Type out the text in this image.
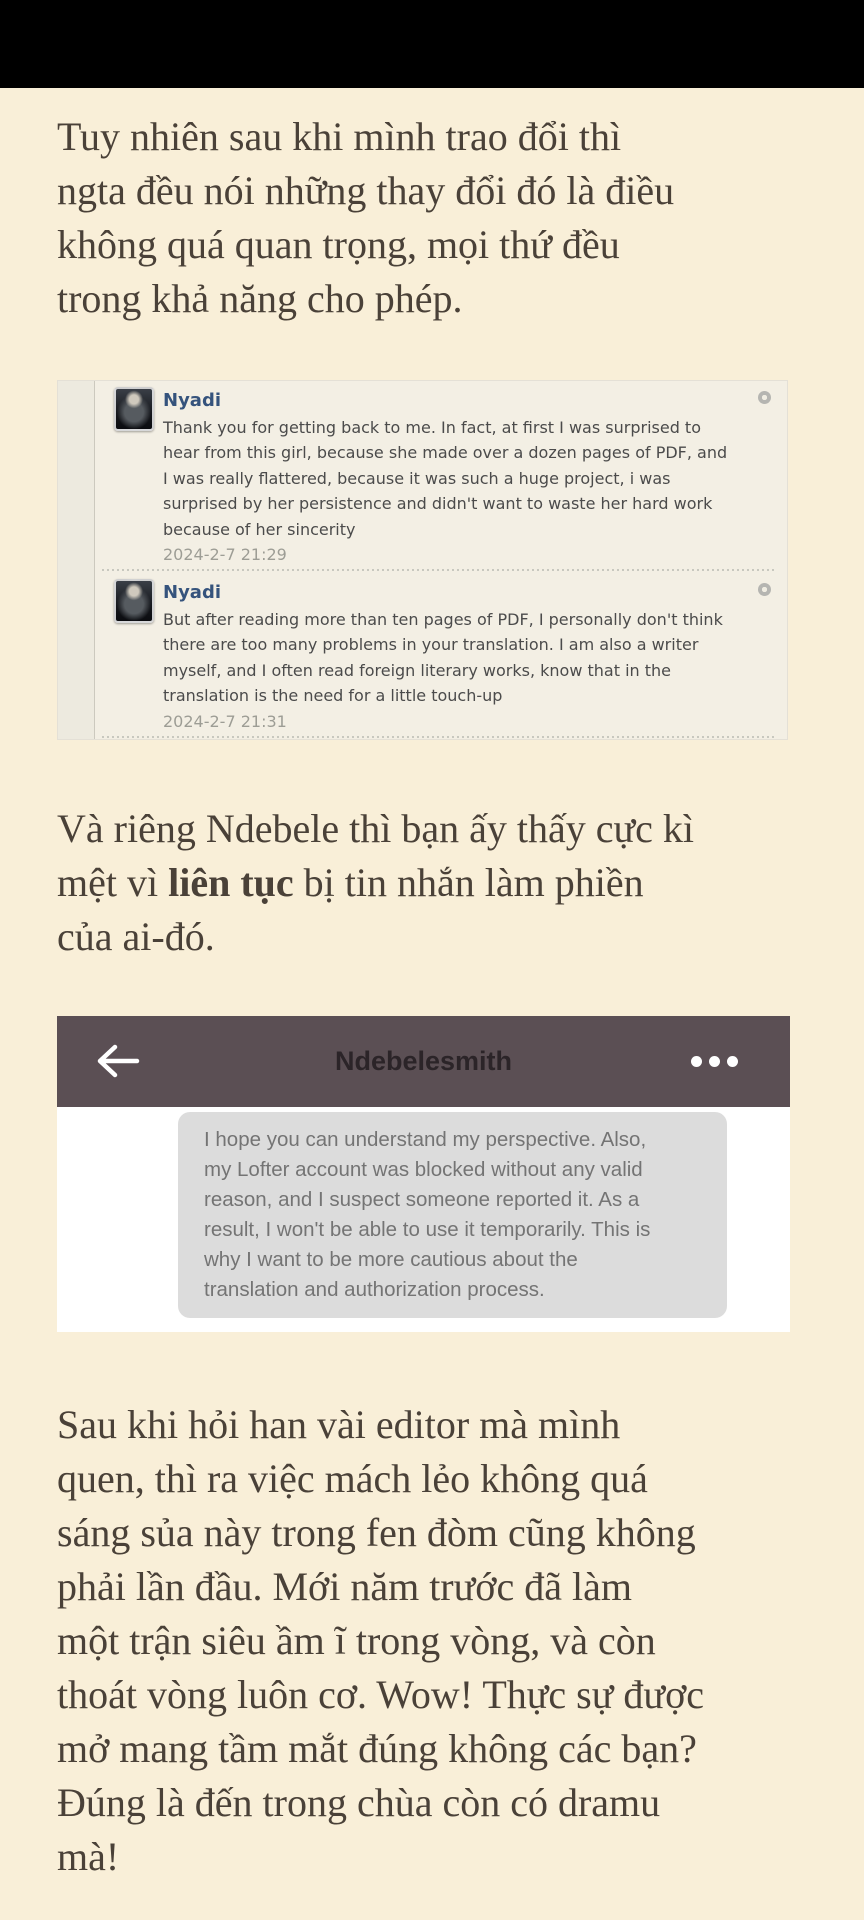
Tuy nhiên sau khi mình trao đổi thì
ngta đều nói những thay đổi đó là điều
không quá quan trọng, mọi thứ đều
trong khả năng cho phép.
Nyadi
Thank you for getting back to me. In fact, at first I was surprised to
hear from this girl, because she made over a dozen pages of PDF, and
I was really flattered, because it was such a huge project, i was
surprised by her persistence and didn't want to waste her hard work
because of her sincerity
2024-2-7 21:29
Nyadi
But after reading more than ten pages of PDF, I personally don't think
there are too many problems in your translation. I am also a writer
myself, and I often read foreign literary works, know that in the
translation is the need for a little touch-up
2024-2-7 21:31
Và riêng Ndebele thì bạn ấy thấy cực kì
mệt vì liên tục bị tin nhắn làm phiền
của ai-đó.
Ndebelesmith
I hope you can understand my perspective. Also,
my Lofter account was blocked without any valid
reason, and I suspect someone reported it. As a
result, I won't be able to use it temporarily. This is
why I want to be more cautious about the
translation and authorization process.
Sau khi hỏi han vài editor mà mình
quen, thì ra việc mách lẻo không quá
sáng sủa này trong fen đòm cũng không
phải lần đầu. Mới năm trước đã làm
một trận siêu ầm ĩ trong vòng, và còn
thoát vòng luôn cơ. Wow! Thực sự được
mở mang tầm mắt đúng không các bạn?
Đúng là đến trong chùa còn có dramu
mà!
